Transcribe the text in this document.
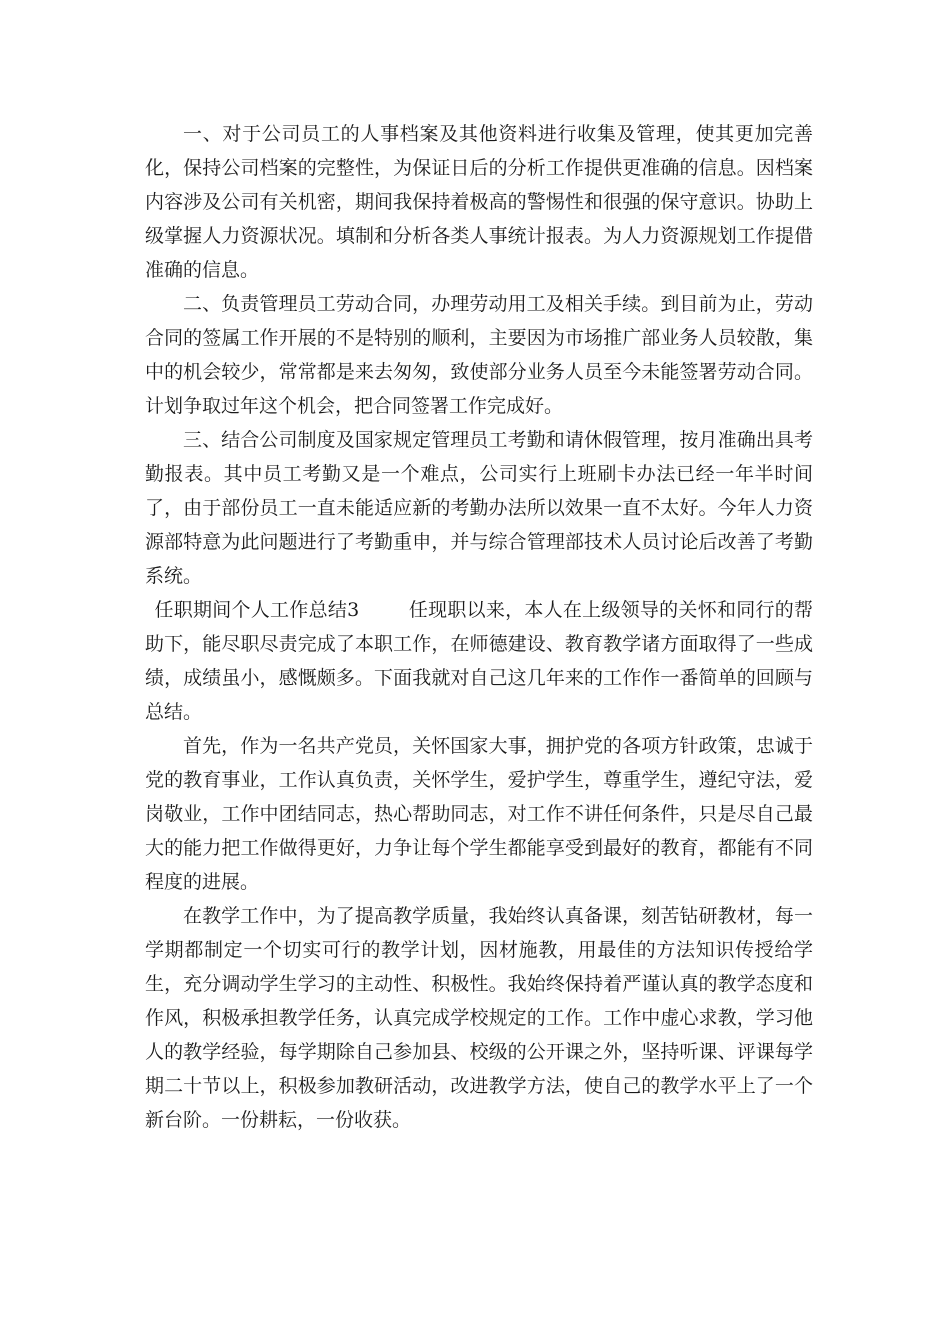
一、对于公司员工的人事档案及其他资料进行收集及管理，使其更加完善化，保持公司档案的完整性，为保证日后的分析工作提供更准确的信息。因档案内容涉及公司有关机密，期间我保持着极高的警惕性和很强的保守意识。协助上级掌握人力资源状况。填制和分析各类人事统计报表。为人力资源规划工作提借准确的信息。

二、负责管理员工劳动合同，办理劳动用工及相关手续。到目前为止，劳动合同的签属工作开展的不是特别的顺利，主要因为市场推广部业务人员较散，集中的机会较少，常常都是来去匆匆，致使部分业务人员至今未能签署劳动合同。计划争取过年这个机会，把合同签署工作完成好。

三、结合公司制度及国家规定管理员工考勤和请休假管理，按月准确出具考勤报表。其中员工考勤又是一个难点，公司实行上班刷卡办法已经一年半时间了，由于部份员工一直未能适应新的考勤办法所以效果一直不太好。今年人力资源部特意为此问题进行了考勤重申，并与综合管理部技术人员讨论后改善了考勤系统。

任职期间个人工作总结3	任现职以来，本人在上级领导的关怀和同行的帮助下，能尽职尽责完成了本职工作，在师德建设、教育教学诸方面取得了一些成绩，成绩虽小，感慨颇多。下面我就对自己这几年来的工作作一番简单的回顾与总结。

首先，作为一名共产党员，关怀国家大事，拥护党的各项方针政策，忠诚于党的教育事业，工作认真负责，关怀学生，爱护学生，尊重学生，遵纪守法，爱岗敬业，工作中团结同志，热心帮助同志，对工作不讲任何条件，只是尽自己最大的能力把工作做得更好，力争让每个学生都能享受到最好的教育，都能有不同程度的进展。

在教学工作中，为了提高教学质量，我始终认真备课，刻苦钻研教材，每一学期都制定一个切实可行的教学计划，因材施教，用最佳的方法知识传授给学生，充分调动学生学习的主动性、积极性。我始终保持着严谨认真的教学态度和作风，积极承担教学任务，认真完成学校规定的工作。工作中虚心求教，学习他人的教学经验，每学期除自己参加县、校级的公开课之外，坚持听课、评课每学期二十节以上，积极参加教研活动，改进教学方法，使自己的教学水平上了一个新台阶。一份耕耘，一份收获。
